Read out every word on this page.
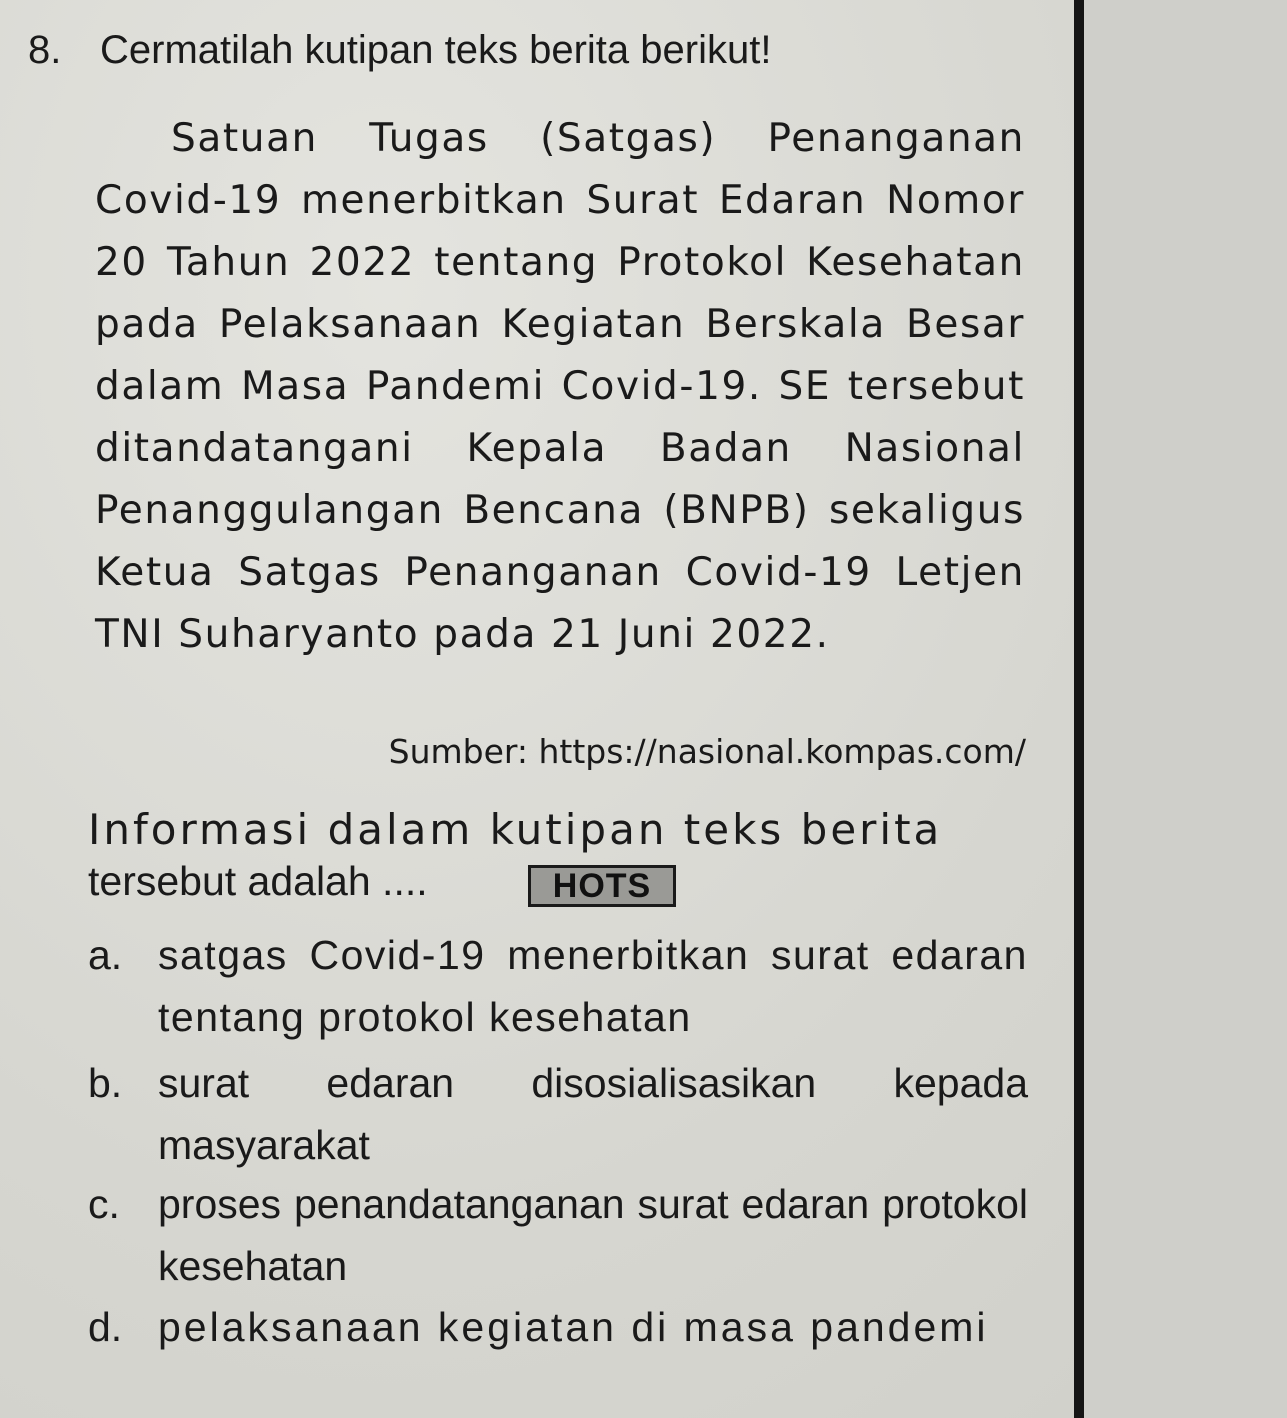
8. Cermatilah kutipan teks berita berikut!
Satuan Tugas (Satgas) Penanganan Covid-19 menerbitkan Surat Edaran Nomor 20 Tahun 2022 tentang Protokol Kesehatan pada Pelaksanaan Kegiatan Berskala Besar dalam Masa Pandemi Covid-19. SE tersebut ditandatangani Kepala Badan Nasional Penanggulangan Bencana (BNPB) sekaligus Ketua Satgas Penanganan Covid-19 Letjen TNI Suharyanto pada 21 Juni 2022.
Sumber: https://nasional.kompas.com/
Informasi dalam kutipan teks berita
tersebut adalah ....	HOTS
a. satgas Covid-19 menerbitkan surat edaran tentang protokol kesehatan
b. surat edaran disosialisasikan kepada masyarakat
c. proses penandatanganan surat edaran protokol kesehatan
d. pelaksanaan kegiatan di masa pandemi
